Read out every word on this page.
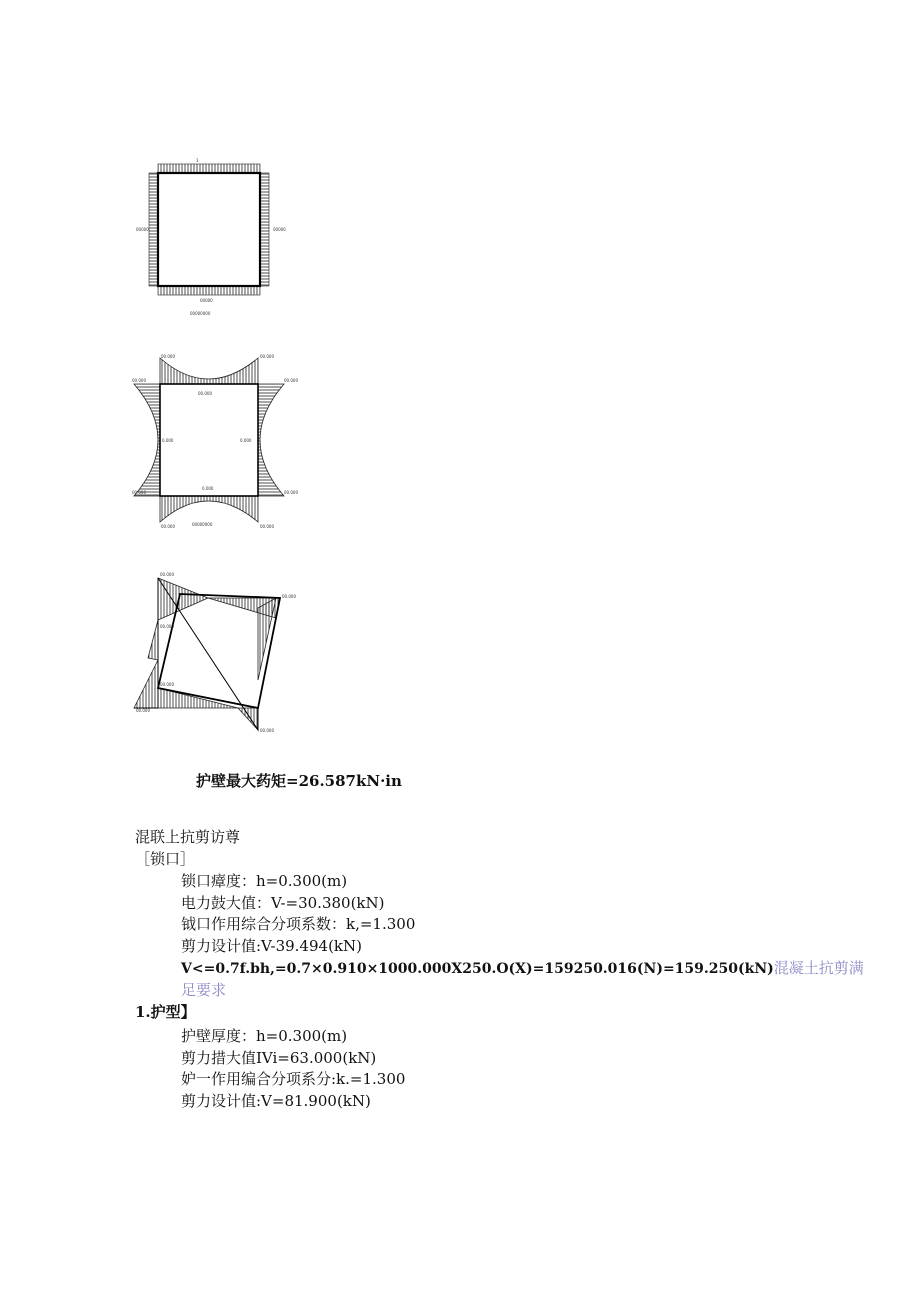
1
00000	00000
00000
00000000
00.000	00.000
00.000	00.000
00.000	00.000
00.000	00.000
00.000
0.000	0.000
0.000
00000000
00.000
00.000
00.000
00.000
00.000
00.000
护壁最大药矩=26.587kN·in
混联上抗剪访尊
［锁口］
锁口瘴度：h=0.300(m)
电力鼓大值：V-=30.380(kN)
钺口作用综合分项系数：k,=1.300
剪力设计值:V-39.494(kN)
V<=0.7f.bh,=0.7×0.910×1000.000X250.O(X)=159250.016(N)=159.250(kN)混凝土抗剪满
足要求
1.护型】
护壁厚度：h=0.300(m)
剪力措大值IVi=63.000(kN)
妒一作用编合分项系分:k.=1.300
剪力设计值:V=81.900(kN)
